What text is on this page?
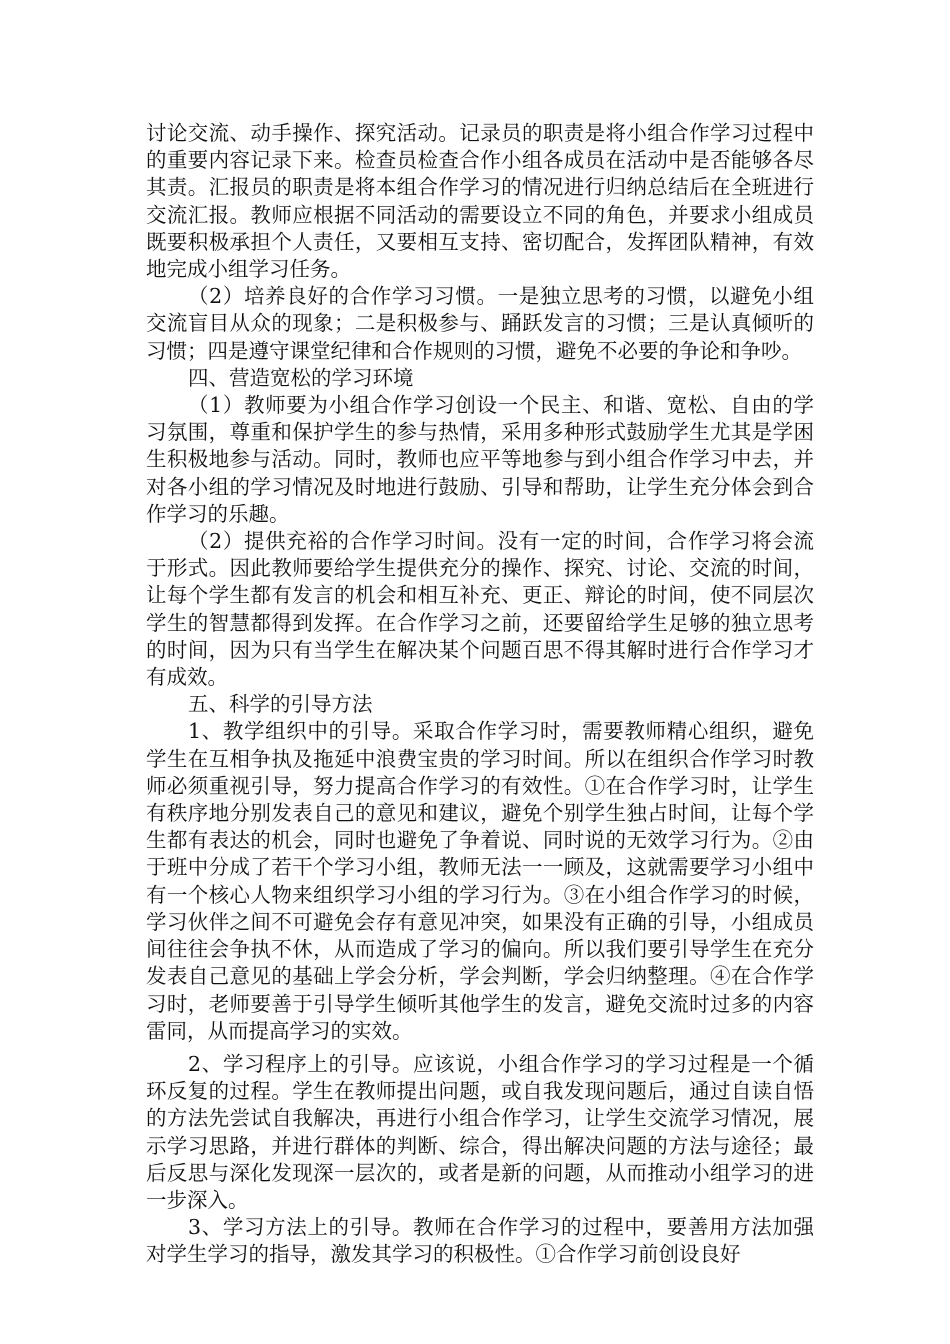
讨论交流、动手操作、探究活动。记录员的职责是将小组合作学习过程中的重要内容记录下来。检查员检查合作小组各成员在活动中是否能够各尽其责。汇报员的职责是将本组合作学习的情况进行归纳总结后在全班进行交流汇报。教师应根据不同活动的需要设立不同的角色，并要求小组成员既要积极承担个人责任，又要相互支持、密切配合，发挥团队精神，有效地完成小组学习任务。

（2）培养良好的合作学习习惯。一是独立思考的习惯，以避免小组交流盲目从众的现象；二是积极参与、踊跃发言的习惯；三是认真倾听的习惯；四是遵守课堂纪律和合作规则的习惯，避免不必要的争论和争吵。

四、营造宽松的学习环境

（1）教师要为小组合作学习创设一个民主、和谐、宽松、自由的学习氛围，尊重和保护学生的参与热情，采用多种形式鼓励学生尤其是学困生积极地参与活动。同时，教师也应平等地参与到小组合作学习中去，并对各小组的学习情况及时地进行鼓励、引导和帮助，让学生充分体会到合作学习的乐趣。

（2）提供充裕的合作学习时间。没有一定的时间，合作学习将会流于形式。因此教师要给学生提供充分的操作、探究、讨论、交流的时间，让每个学生都有发言的机会和相互补充、更正、辩论的时间，使不同层次学生的智慧都得到发挥。在合作学习之前，还要留给学生足够的独立思考的时间，因为只有当学生在解决某个问题百思不得其解时进行合作学习才有成效。

五、科学的引导方法

1、教学组织中的引导。采取合作学习时，需要教师精心组织，避免学生在互相争执及拖延中浪费宝贵的学习时间。所以在组织合作学习时教师必须重视引导，努力提高合作学习的有效性。①在合作学习时，让学生有秩序地分别发表自己的意见和建议，避免个别学生独占时间，让每个学生都有表达的机会，同时也避免了争着说、同时说的无效学习行为。②由于班中分成了若干个学习小组，教师无法一一顾及，这就需要学习小组中有一个核心人物来组织学习小组的学习行为。③在小组合作学习的时候，学习伙伴之间不可避免会存有意见冲突，如果没有正确的引导，小组成员间往往会争执不休，从而造成了学习的偏向。所以我们要引导学生在充分发表自己意见的基础上学会分析，学会判断，学会归纳整理。④在合作学习时，老师要善于引导学生倾听其他学生的发言，避免交流时过多的内容雷同，从而提高学习的实效。

2、学习程序上的引导。应该说，小组合作学习的学习过程是一个循环反复的过程。学生在教师提出问题，或自我发现问题后，通过自读自悟的方法先尝试自我解决，再进行小组合作学习，让学生交流学习情况，展示学习思路，并进行群体的判断、综合，得出解决问题的方法与途径；最后反思与深化发现深一层次的，或者是新的问题，从而推动小组学习的进一步深入。

3、学习方法上的引导。教师在合作学习的过程中，要善用方法加强对学生学习的指导，激发其学习的积极性。①合作学习前创设良好
